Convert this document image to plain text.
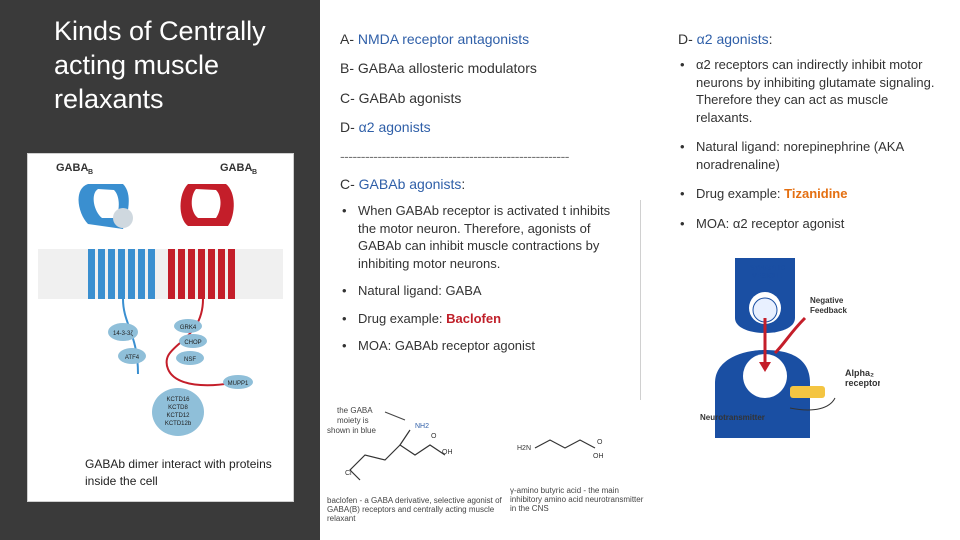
Kinds of Centrally acting muscle relaxants
GABA B	GABA B
14-3-3ζ
ATF4
GRK4
CHOP
NSF
MUPP1
KCTD16
KCTD8
KCTD12
KCTD12b
GABAb dimer interact with proteins inside the cell
A- NMDA receptor antagonists
B- GABAa allosteric modulators
C- GABAb agonists
D- α2 agonists
-------------------------------------------------------
C- GABAb agonists:
• When GABAb receptor is activated t inhibits the motor neuron. Therefore, agonists of GABAb can inhibit muscle contractions by inhibiting motor neurons.
• Natural ligand: GABA
• Drug example: Baclofen
• MOA: GABAb receptor agonist
D- α2 agonists:
• α2 receptors can indirectly inhibit motor neurons by inhibiting glutamate signaling. Therefore they can act as muscle relaxants.
• Natural ligand: norepinephrine (AKA noradrenaline)
• Drug example: Tizanidine
• MOA: α2 receptor agonist
the GABA
moiety is
shown in blue	NH2
O
OH
Cl
H2N
O
OH
baclofen - a GABA derivative, selective agonist of GABA(B) receptors and centrally acting muscle relaxant
γ-amino butyric acid - the main inhibitory amino acid neurotransmitter in the CNS
SYNAPTIC
VESICLE
Negative
Feedback
Alpha₂
receptor
Neurotransmitter
